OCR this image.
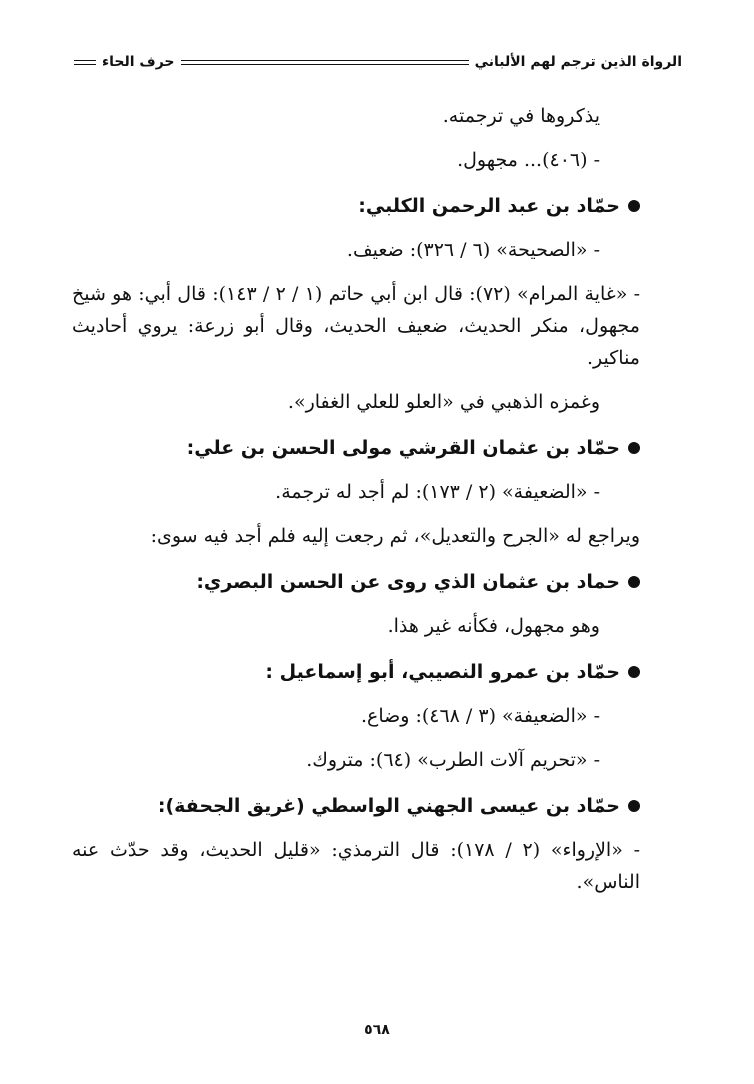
الرواة الذين ترجم لهم الألباني
حرف الحاء

يذكروها في ترجمته.

- (٤٠٦)... مجهول.

حمّاد بن عبد الرحمن الكلبي:

- «الصحيحة» (٦ / ٣٢٦): ضعيف.

- «غاية المرام» (٧٢): قال ابن أبي حاتم (١ / ٢ / ١٤٣): قال أبي: هو شيخ مجهول، منكر الحديث، ضعيف الحديث، وقال أبو زرعة: يروي أحاديث مناكير.

وغمزه الذهبي في «العلو للعلي الغفار».

حمّاد بن عثمان القرشي مولى الحسن بن علي:

- «الضعيفة» (٢ / ١٧٣): لم أجد له ترجمة.

ويراجع له «الجرح والتعديل»، ثم رجعت إليه فلم أجد فيه سوى:

حماد بن عثمان الذي روى عن الحسن البصري:

وهو مجهول، فكأنه غير هذا.

حمّاد بن عمرو النصيبي، أبو إسماعيل :

- «الضعيفة» (٣ / ٤٦٨): وضاع.

- «تحريم آلات الطرب» (٦٤): متروك.

حمّاد بن عيسى الجهني الواسطي (غريق الجحفة):

- «الإرواء» (٢ / ١٧٨): قال الترمذي: «قليل الحديث، وقد حدّث عنه الناس».

٥٦٨
